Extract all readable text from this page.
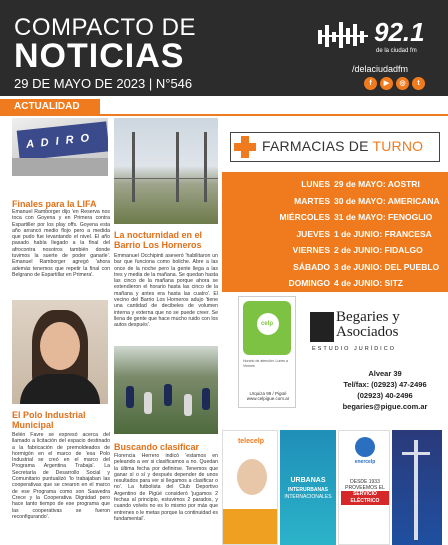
COMPACTO DE
NOTICIAS
29 DE MAYO DE 2023 | N°546
92.1
de la ciudad fm
/delaciudadfm
f	▶	◎	t
ACTUALIDAD
A D I R O
Finales para la LIFA
Emanuel Ramborger dijo 'en Reserva nos toca con Goyena y en Primera contra Espartiller por los play offs. Goyena esta año arrancó medio flojo pero a medida que pudo fue levantando el nivel. El año pasado había llegado a la final del afrocontra nosotros también donde tuvimos la suerte de poder ganarle'. Emanuel Ramborger agregó 'ahora además tenemos que repetir la final con Belgrano de Espartillar en Primera'.
La nocturnidad en el Barrio Los Horneros
Emmanuel Occhipinti aseveró 'habilitaron un bar que funciona como boliche. Abre a las once de la noche pero la gente llega a las tres y media de la mañana. Se quedan hasta las cinco de la mañana porque ahora se extendieron el horario hasta las cinco de la mañana y antes era hasta las cuatro'. El vecino del Barrio Los Horneros adujo 'tiene una cantidad de decibeles de volumen interna y externa que no se puede creer. Se llena de gente que hace mucho ruido con los autos después'.
El Polo Industrial Municipal
Belén Favre se expresó acerca del llamado a licitación del espacio destinado a la fabricación de premoldeados de hormigón en el marco de 'esa Polo Industrial se creó en el marco del Programa Argentina Trabaja'. La Secretaría de Desarrollo Social y Comunitario puntualizó 'lo trabajaban las cooperativas que se crearon en el marco de ese Programa como son Saavedra Crece y la Cooperativa Dignidad pero hace tanto tiempo de ese programa que las cooperativas se fueron reconfigurando'.
Buscando clasificar
Florencia Herrero indicó 'estamos en peleando a ver si clasificamos a no. Quedan la última fecha por definirse. Tenemos que ganar sí o sí y después depender de unos resultados para ver si llegamos a clasificar o no'. La futbolista del Club Deportivo Argentino de Pigüé consideró 'jugamos 2 fechas al principio, estuvimos 2 parados, y cuando volvés no es lo mismo por más que entrenes o le metas porque la continuidad es fundamental'.
FARMACIAS DE TURNO
LUNES 29 de MAYO: AOSTRI
MARTES 30 de MAYO: AMERICANA
MIÉRCOLES 31 de MAYO: FENOGLIO
JUEVES 1 de JUNIO: FRANCESA
VIERNES 2 de JUNIO: FIDALGO
SÁBADO 3 de JUNIO: DEL PUEBLO
DOMINGO 4 de JUNIO: SITZ
celp
Horario de atención: Lunes a Viernes
Urquiza 99 / Pigüé www.celpigue.com.ar
Begaries y
Asociados
ESTUDIO JURÍDICO
Alvear 39
Tel/fax: (02923) 47-2496
(02923) 40-2496
begaries@pigue.com.ar
telecelp
URBANAS
INTERURBANAS
INTERNACIONALES
enercelp
DESDE 1933 PROVEEMOS EL
SERVICIO ELÉCTRICO
